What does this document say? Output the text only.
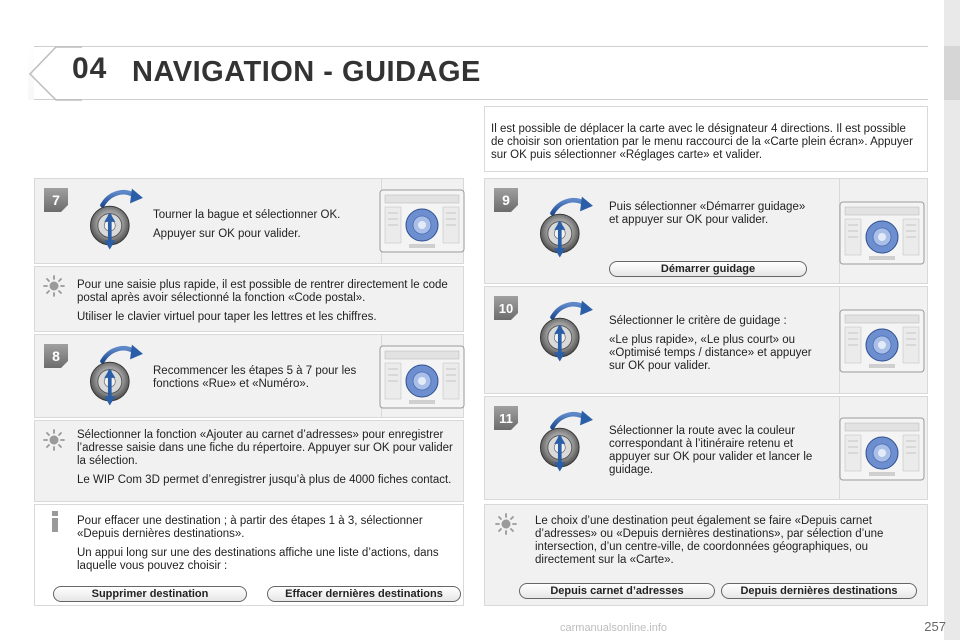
04 NAVIGATION - GUIDAGE
7

Tourner la bague et sélectionner OK.

Appuyer sur OK pour valider.

Pour une saisie plus rapide, il est possible de rentrer directement le code postal après avoir sélectionné la fonction «Code postal».

Utiliser le clavier virtuel pour taper les lettres et les chiffres.

8
Recommencer les étapes 5 à 7 pour les fonctions «Rue» et «Numéro».

Sélectionner la fonction «Ajouter au carnet d’adresses» pour enregistrer l’adresse saisie dans une fiche du répertoire. Appuyer sur OK pour valider la sélection.

Le WIP Com 3D permet d’enregistrer jusqu’à plus de 4000 fiches contact.

Pour effacer une destination ; à partir des étapes 1 à 3, sélectionner «Depuis dernières destinations».

Un appui long sur une des destinations affiche une liste d’actions, dans laquelle vous pouvez choisir :

Supprimer destination	Effacer dernières destinations
Il est possible de déplacer la carte avec le désignateur 4 directions. Il est possible de choisir son orientation par le menu raccourci de la «Carte plein écran». Appuyer sur OK puis sélectionner «Réglages carte» et valider.
9	Puis sélectionner «Démarrer guidage» et appuyer sur OK pour valider.
Démarrer guidage
10

Sélectionner le critère de guidage :

«Le plus rapide», «Le plus court» ou «Optimisé temps / distance» et appuyer sur OK pour valider.

11
Sélectionner la route avec la couleur correspondant à l’itinéraire retenu et appuyer sur OK pour valider et lancer le guidage.
Le choix d’une destination peut également se faire «Depuis carnet d’adresses» ou «Depuis dernières destinations», par sélection d’une intersection, d’un centre-ville, de coordonnées géographiques, ou directement sur la «Carte».
Depuis carnet d’adresses	Depuis dernières destinations
carmanualsonline.info	257
